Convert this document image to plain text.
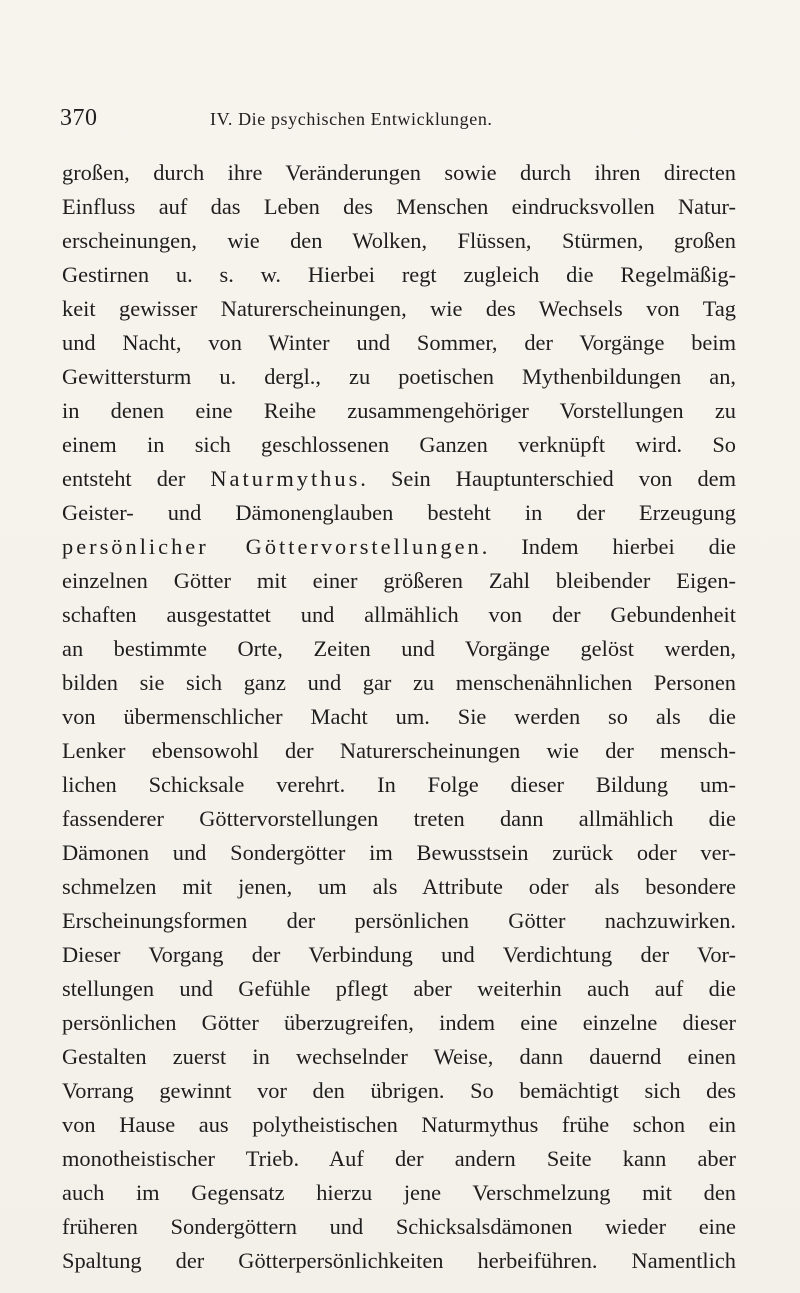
370	IV. Die psychischen Entwicklungen.
großen, durch ihre Veränderungen sowie durch ihren directen
Einfluss auf das Leben des Menschen eindrucksvollen Natur-
erscheinungen, wie den Wolken, Flüssen, Stürmen, großen
Gestirnen u. s. w. Hierbei regt zugleich die Regelmäßig-
keit gewisser Naturerscheinungen, wie des Wechsels von Tag
und Nacht, von Winter und Sommer, der Vorgänge beim
Gewittersturm u. dergl., zu poetischen Mythenbildungen an,
in denen eine Reihe zusammengehöriger Vorstellungen zu
einem in sich geschlossenen Ganzen verknüpft wird. So
entsteht der Naturmythus. Sein Hauptunterschied von dem
Geister- und Dämonenglauben besteht in der Erzeugung
persönlicher Göttervorstellungen. Indem hierbei die
einzelnen Götter mit einer größeren Zahl bleibender Eigen-
schaften ausgestattet und allmählich von der Gebundenheit
an bestimmte Orte, Zeiten und Vorgänge gelöst werden,
bilden sie sich ganz und gar zu menschenähnlichen Personen
von übermenschlicher Macht um. Sie werden so als die
Lenker ebensowohl der Naturerscheinungen wie der mensch-
lichen Schicksale verehrt. In Folge dieser Bildung um-
fassenderer Göttervorstellungen treten dann allmählich die
Dämonen und Sondergötter im Bewusstsein zurück oder ver-
schmelzen mit jenen, um als Attribute oder als besondere
Erscheinungsformen der persönlichen Götter nachzuwirken.
Dieser Vorgang der Verbindung und Verdichtung der Vor-
stellungen und Gefühle pflegt aber weiterhin auch auf die
persönlichen Götter überzugreifen, indem eine einzelne dieser
Gestalten zuerst in wechselnder Weise, dann dauernd einen
Vorrang gewinnt vor den übrigen. So bemächtigt sich des
von Hause aus polytheistischen Naturmythus frühe schon ein
monotheistischer Trieb. Auf der andern Seite kann aber
auch im Gegensatz hierzu jene Verschmelzung mit den
früheren Sondergöttern und Schicksalsdämonen wieder eine
Spaltung der Götterpersönlichkeiten herbeiführen. Namentlich
